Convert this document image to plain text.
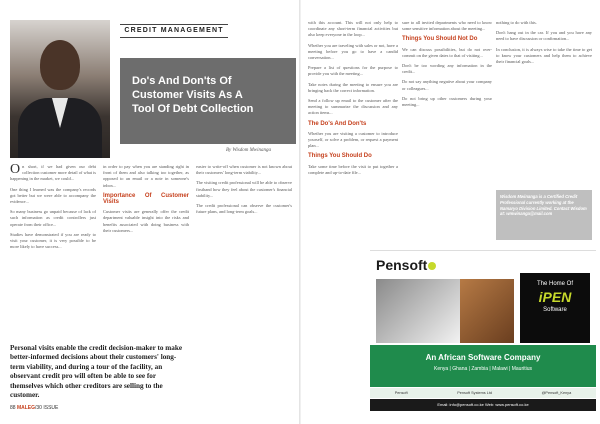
CREDIT MANAGEMENT
Do's And Don'ts Of
Customer Visits As A
Tool Of Debt Collection
By Wisdom Mwinanga

On short, if we had given our debt collection customer more detail of what is happening in the market, we could...

One thing I learned was the company's records got better but we were able to accompany the evidence...

So many business go unpaid because of lack of such information as credit controllers just operate from their office...

Studies have demonstrated if you are ready to visit your customer, it is very possible to be more likely to have success...

in order to pay when you are standing right in front of them and also talking too together, as opposed to an email or a note in someone's inbox...

Importance Of Customer Visits

Customer visits are generally offer the credit department valuable insight into the risks and benefits associated with doing business with their customers...

easier to write-off when customer is not known about their customers' long-term viability...

The visiting credit professional will be able to observe firsthand how they feel about the customer's financial stability...

The credit professional can observe the customer's future plans, and long-term goals...

Personal visits enable the credit decision-maker to make better-informed decisions about their customers' long-term viability, and during a tour of the facility, an observant credit pro will often be able to see for themselves which other creditors are selling to the customer.
88 MALEG/30 ISSUE

with this account. This will not only help to coordinate any short-term financial activities but also keep everyone in the loop...

Whether you are traveling with sales or not, have a meeting before you go to have a candid conversation...

Prepare a list of questions for the purpose to provide you with the meeting...

Take notes during the meeting to ensure you are bringing back the correct information.

Send a follow up email to the customer after the meeting to summarize the discussion and any action items...

The Do's And Don'ts

Whether you are visiting a customer to introduce yourself, or solve a problem, or request a payment plan...

Things You Should Do

Take some time before the visit to put together a complete and up-to-date file...

sure to all invited departments who need to know some sensitive information about the meeting...

Things You Should Not Do

We can discuss possibilities, but do not over-commit on the given dates to that of visiting...

Don't be too wording any information in the credit...

Do not say anything negative about your company or colleagues...

Do not bring up other customers during your meeting...

nothing to do with this.

Don't hang out in the car. If you and you have any need to have discussion or confirmation...

In conclusion, it is always wise to take the time to get to know your customers and help them to achieve their financial goals...

Wisdom Mwinanga is a Certified Credit Professional currently working at the Namaryo Division Limited. Contact Wisdom at: wmwinanga@mail.com
Pensoft
The Home Of
iPEN
Software
An African Software Company
Kenya | Ghana | Zambia | Malawi | Mauritius
Pensoft	Pensoft Systems Ltd	@Pensoft_Kenya
Email: info@pensoft.co.ke Web: www.pensoft.co.ke
